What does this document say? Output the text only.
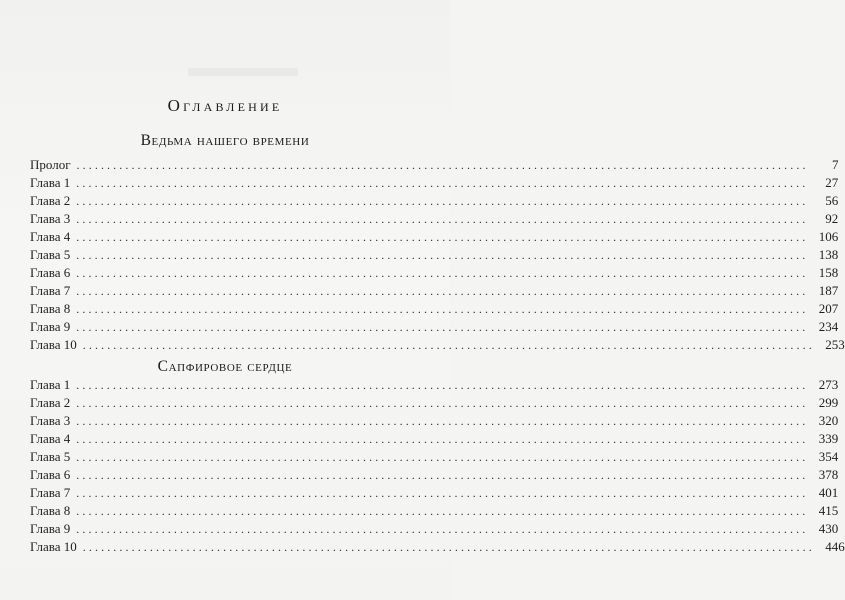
Оглавление
Ведьма нашего времени
Пролог ........................................................................................................................	7
Глава 1 ........................................................................................................................	27
Глава 2 ........................................................................................................................	56
Глава 3 ........................................................................................................................	92
Глава 4 ........................................................................................................................ 106
Глава 5 ........................................................................................................................ 138
Глава 6 ........................................................................................................................ 158
Глава 7 ........................................................................................................................ 187
Глава 8 ........................................................................................................................ 207
Глава 9 ........................................................................................................................ 234
Глава 10 ........................................................................................................................ 253
Сапфировое сердце
Глава 1 ........................................................................................................................ 273
Глава 2 ........................................................................................................................ 299
Глава 3 ........................................................................................................................ 320
Глава 4 ........................................................................................................................ 339
Глава 5 ........................................................................................................................ 354
Глава 6 ........................................................................................................................ 378
Глава 7 ........................................................................................................................ 401
Глава 8 ........................................................................................................................ 415
Глава 9 ........................................................................................................................ 430
Глава 10 ........................................................................................................................ 446
